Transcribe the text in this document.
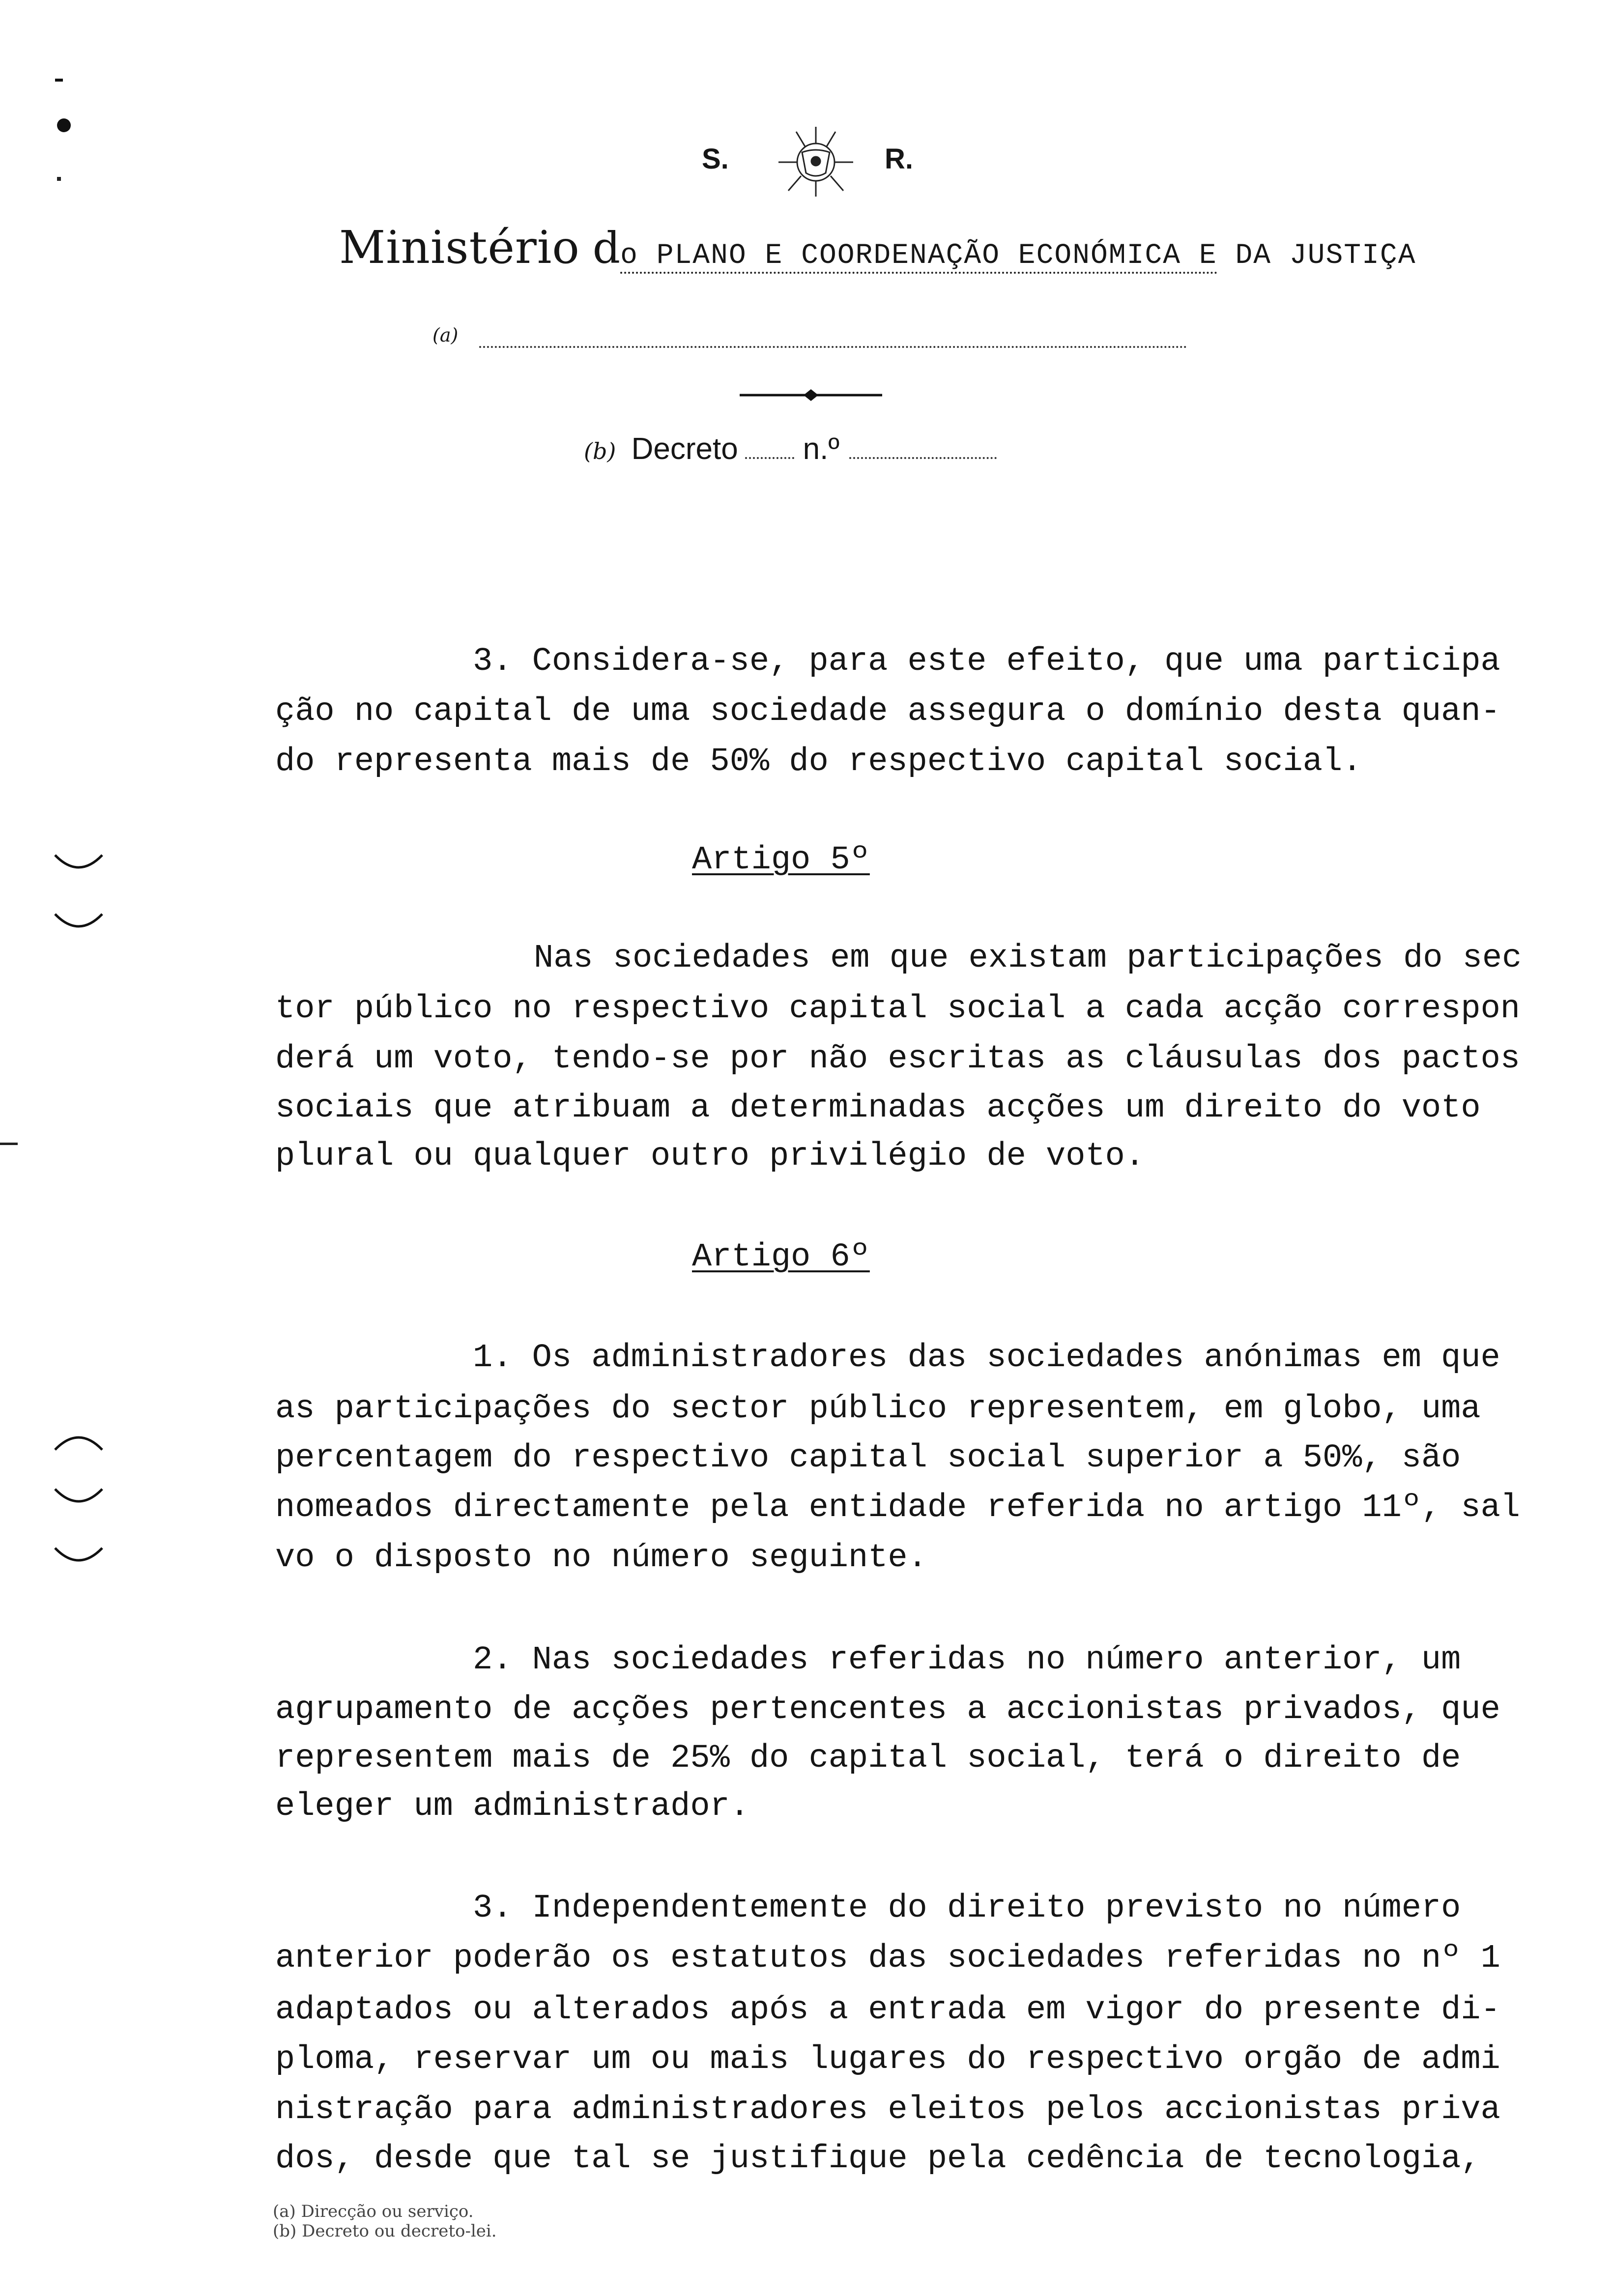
S.	R.
Ministério do PLANO E COORDENAÇÃO ECONÓMICA E DA JUSTIÇA
(a)
(b) Decreto n.º
3. Considera-se, para este efeito, que uma participa
ção no capital de uma sociedade assegura o domínio desta quan-
do representa mais de 50% do respectivo capital social.
Artigo 5º
Nas sociedades em que existam participações do sec
tor público no respectivo capital social a cada acção correspon
derá um voto, tendo-se por não escritas as cláusulas dos pactos
sociais que atribuam a determinadas acções um direito do voto
plural ou qualquer outro privilégio de voto.
Artigo 6º
1. Os administradores das sociedades anónimas em que
as participações do sector público representem, em globo, uma
percentagem do respectivo capital social superior a 50%, são
nomeados directamente pela entidade referida no artigo 11º, sal
vo o disposto no número seguinte.
2. Nas sociedades referidas no número anterior, um
agrupamento de acções pertencentes a accionistas privados, que
representem mais de 25% do capital social, terá o direito de
eleger um administrador.
3. Independentemente do direito previsto no número
anterior poderão os estatutos das sociedades referidas no nº 1
adaptados ou alterados após a entrada em vigor do presente di-
ploma, reservar um ou mais lugares do respectivo orgão de admi
nistração para administradores eleitos pelos accionistas priva
dos, desde que tal se justifique pela cedência de tecnologia,
(a) Direcção ou serviço.
(b) Decreto ou decreto-lei.
